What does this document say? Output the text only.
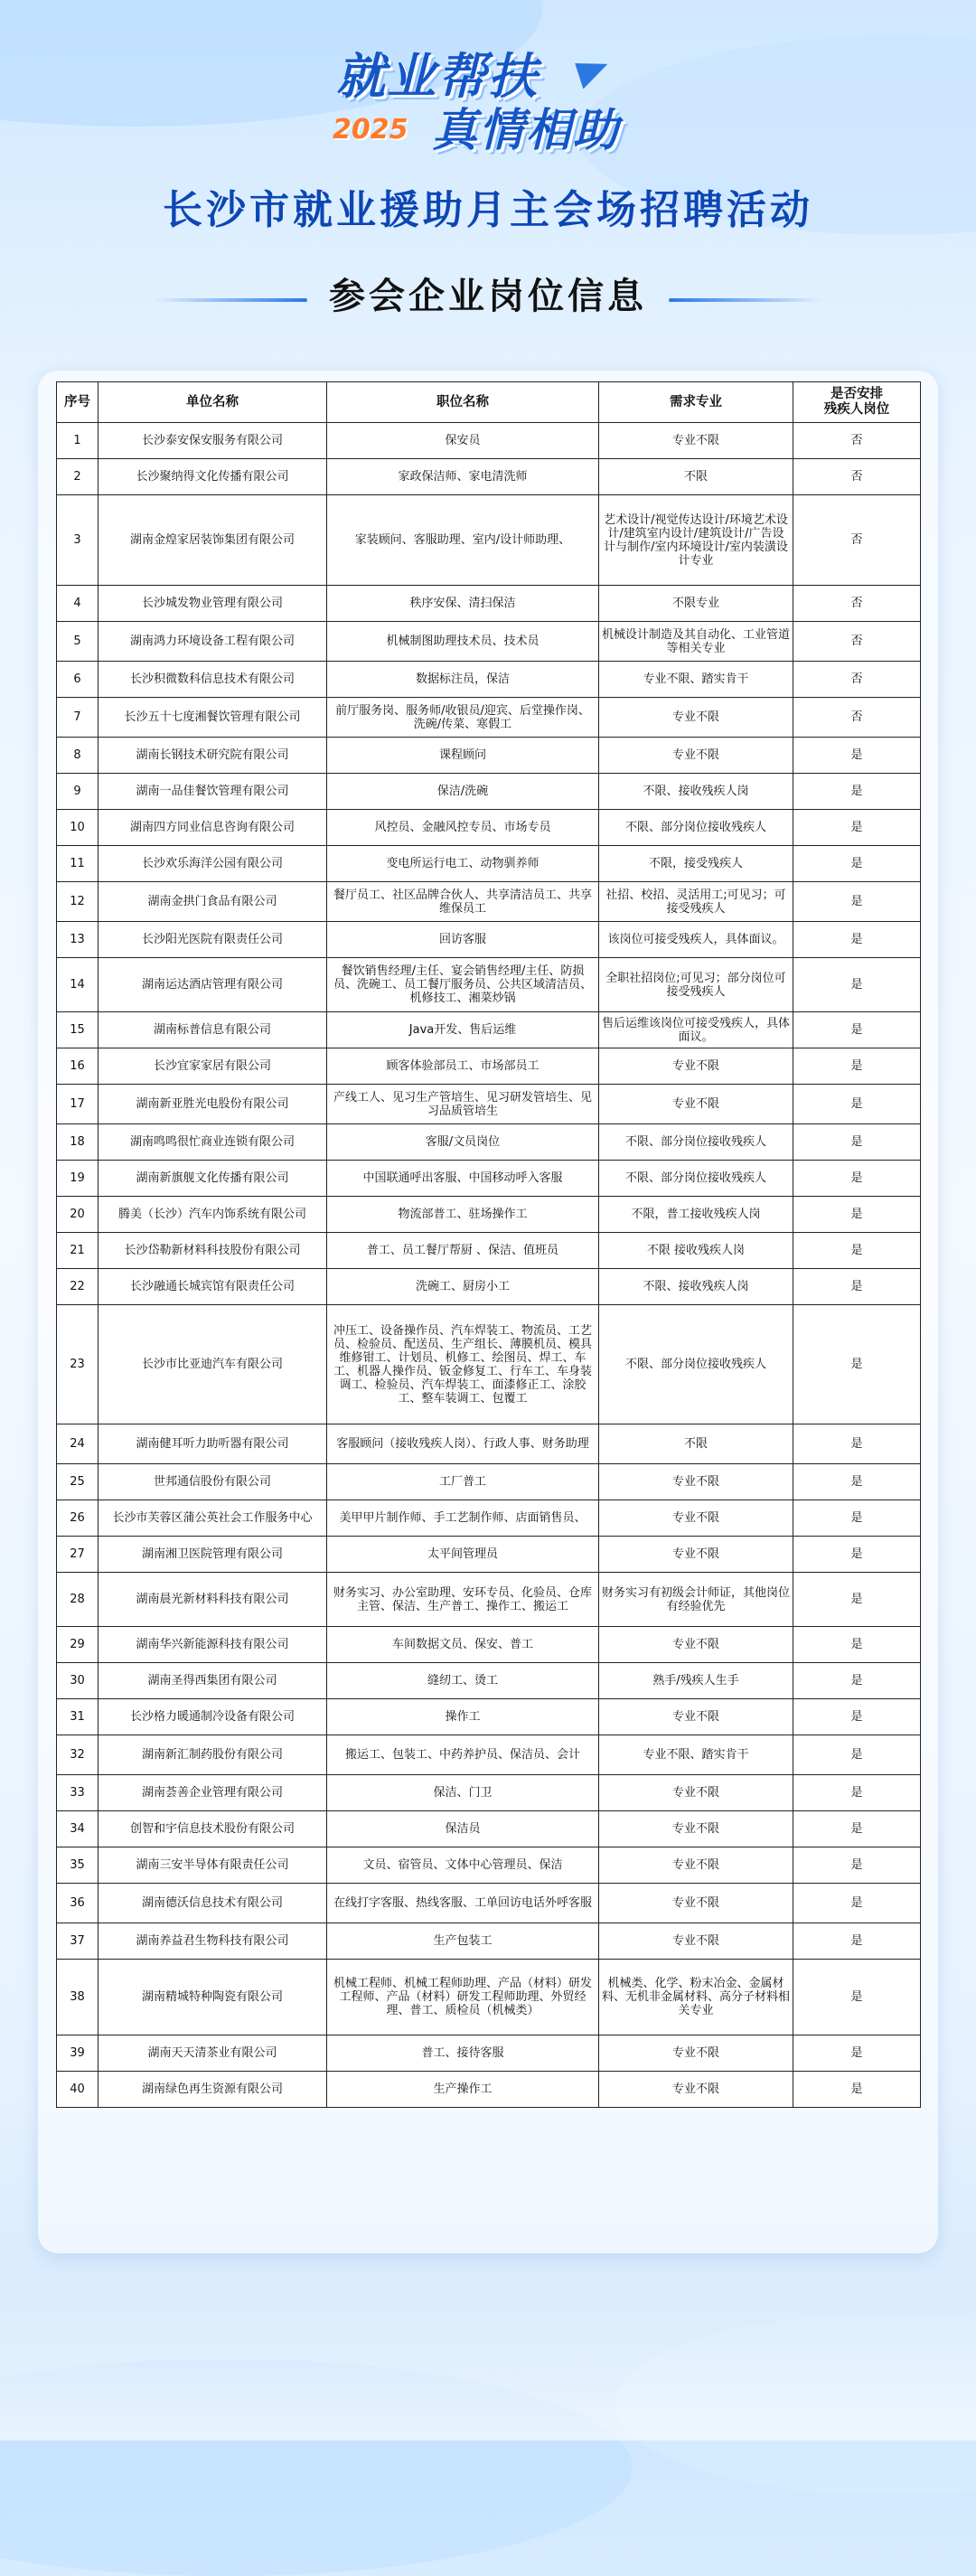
就业帮扶
2025 真情相助
长沙市就业援助月主会场招聘活动
参会企业岗位信息
序号	单位名称	职位名称	需求专业	是否安排
残疾人岗位
1	长沙泰安保安服务有限公司	保安员	专业不限	否
2	长沙聚纳得文化传播有限公司	家政保洁师、家电清洗师	不限	否
3	湖南金煌家居装饰集团有限公司	家装顾问、客服助理、室内/设计师助理、	艺术设计/视觉传达设计/环境艺术设计/建筑室内设计/建筑设计/广告设计与制作/室内环境设计/室内装潢设计专业	否
4	长沙城发物业管理有限公司	秩序安保、清扫保洁	不限专业	否
5	湖南鸿力环境设备工程有限公司	机械制图助理技术员、技术员	机械设计制造及其自动化、工业管道等相关专业	否
6	长沙积微数科信息技术有限公司	数据标注员，保洁	专业不限、踏实肯干	否
7	长沙五十七度湘餐饮管理有限公司	前厅服务岗、服务师/收银员/迎宾、后堂操作岗、洗碗/传菜、寒假工	专业不限	否
8	湖南长钢技术研究院有限公司	课程顾问	专业不限	是
9	湖南一品佳餐饮管理有限公司	保洁/洗碗	不限、接收残疾人岗	是
10	湖南四方同业信息咨询有限公司	风控员、金融风控专员、市场专员	不限、部分岗位接收残疾人	是
11	长沙欢乐海洋公园有限公司	变电所运行电工、动物驯养师	不限，接受残疾人	是
12	湖南金拱门食品有限公司	餐厅员工、社区品牌合伙人、共享清洁员工、共享维保员工	社招、校招、灵活用工;可见习；可接受残疾人	是
13	长沙阳光医院有限责任公司	回访客服	该岗位可接受残疾人，具体面议。	是
14	湖南运达酒店管理有限公司	餐饮销售经理/主任、宴会销售经理/主任、防损员、洗碗工、员工餐厅服务员、公共区域清洁员、机修技工、湘菜炒锅	全职社招岗位;可见习；部分岗位可接受残疾人	是
15	湖南标普信息有限公司	Java开发、售后运维	售后运维该岗位可接受残疾人，具体面议。	是
16	长沙宜家家居有限公司	顾客体验部员工、市场部员工	专业不限	是
17	湖南新亚胜光电股份有限公司	产线工人、见习生产管培生、见习研发管培生、见习品质管培生	专业不限	是
18	湖南鸣鸣很忙商业连锁有限公司	客服/文员岗位	不限、部分岗位接收残疾人	是
19	湖南新旗舰文化传播有限公司	中国联通呼出客服、中国移动呼入客服	不限、部分岗位接收残疾人	是
20	腾美（长沙）汽车内饰系统有限公司	物流部普工、驻场操作工	不限，普工接收残疾人岗	是
21	长沙岱勒新材料科技股份有限公司	普工、员工餐厅帮厨 、保洁、值班员	不限 接收残疾人岗	是
22	长沙融通长城宾馆有限责任公司	洗碗工、厨房小工	不限、接收残疾人岗	是
23	长沙市比亚迪汽车有限公司	冲压工、设备操作员、汽车焊装工、物流员、工艺员、检验员、配送员、生产组长、薄膜机员、模具维修钳工、计划员、机修工、绘图员、焊工、车工、机器人操作员、钣金修复工、行车工、车身装调工、检验员、汽车焊装工、面漆修正工、涂胶工、整车装调工、包覆工	不限、部分岗位接收残疾人	是
24	湖南健耳听力助听器有限公司	客服顾问（接收残疾人岗）、行政人事、财务助理	不限	是
25	世邦通信股份有限公司	工厂普工	专业不限	是
26	长沙市芙蓉区蒲公英社会工作服务中心	美甲甲片制作师、手工艺制作师、店面销售员、	专业不限	是
27	湖南湘卫医院管理有限公司	太平间管理员	专业不限	是
28	湖南晨光新材料科技有限公司	财务实习、办公室助理、安环专员、化验员、仓库主管、保洁、生产普工、操作工、搬运工	财务实习有初级会计师证，其他岗位有经验优先	是
29	湖南华兴新能源科技有限公司	车间数据文员、保安、普工	专业不限	是
30	湖南圣得西集团有限公司	缝纫工、烫工	熟手/残疾人生手	是
31	长沙格力暖通制冷设备有限公司	操作工	专业不限	是
32	湖南新汇制药股份有限公司	搬运工、包装工、中药养护员、保洁员、会计	专业不限、踏实肯干	是
33	湖南荟善企业管理有限公司	保洁、门卫	专业不限	是
34	创智和宇信息技术股份有限公司	保洁员	专业不限	是
35	湖南三安半导体有限责任公司	文员、宿管员、文体中心管理员、保洁	专业不限	是
36	湖南德沃信息技术有限公司	在线打字客服、热线客服、工单回访电话外呼客服	专业不限	是
37	湖南养益君生物科技有限公司	生产包装工	专业不限	是
38	湖南精城特种陶瓷有限公司	机械工程师、机械工程师助理、产品（材料）研发工程师、产品（材料）研发工程师助理、外贸经理、普工、质检员（机械类）	机械类、化学、粉末冶金、金属材料、无机非金属材料、高分子材料相关专业	是
39	湖南天天清茶业有限公司	普工、接待客服	专业不限	是
40	湖南绿色再生资源有限公司	生产操作工	专业不限	是
